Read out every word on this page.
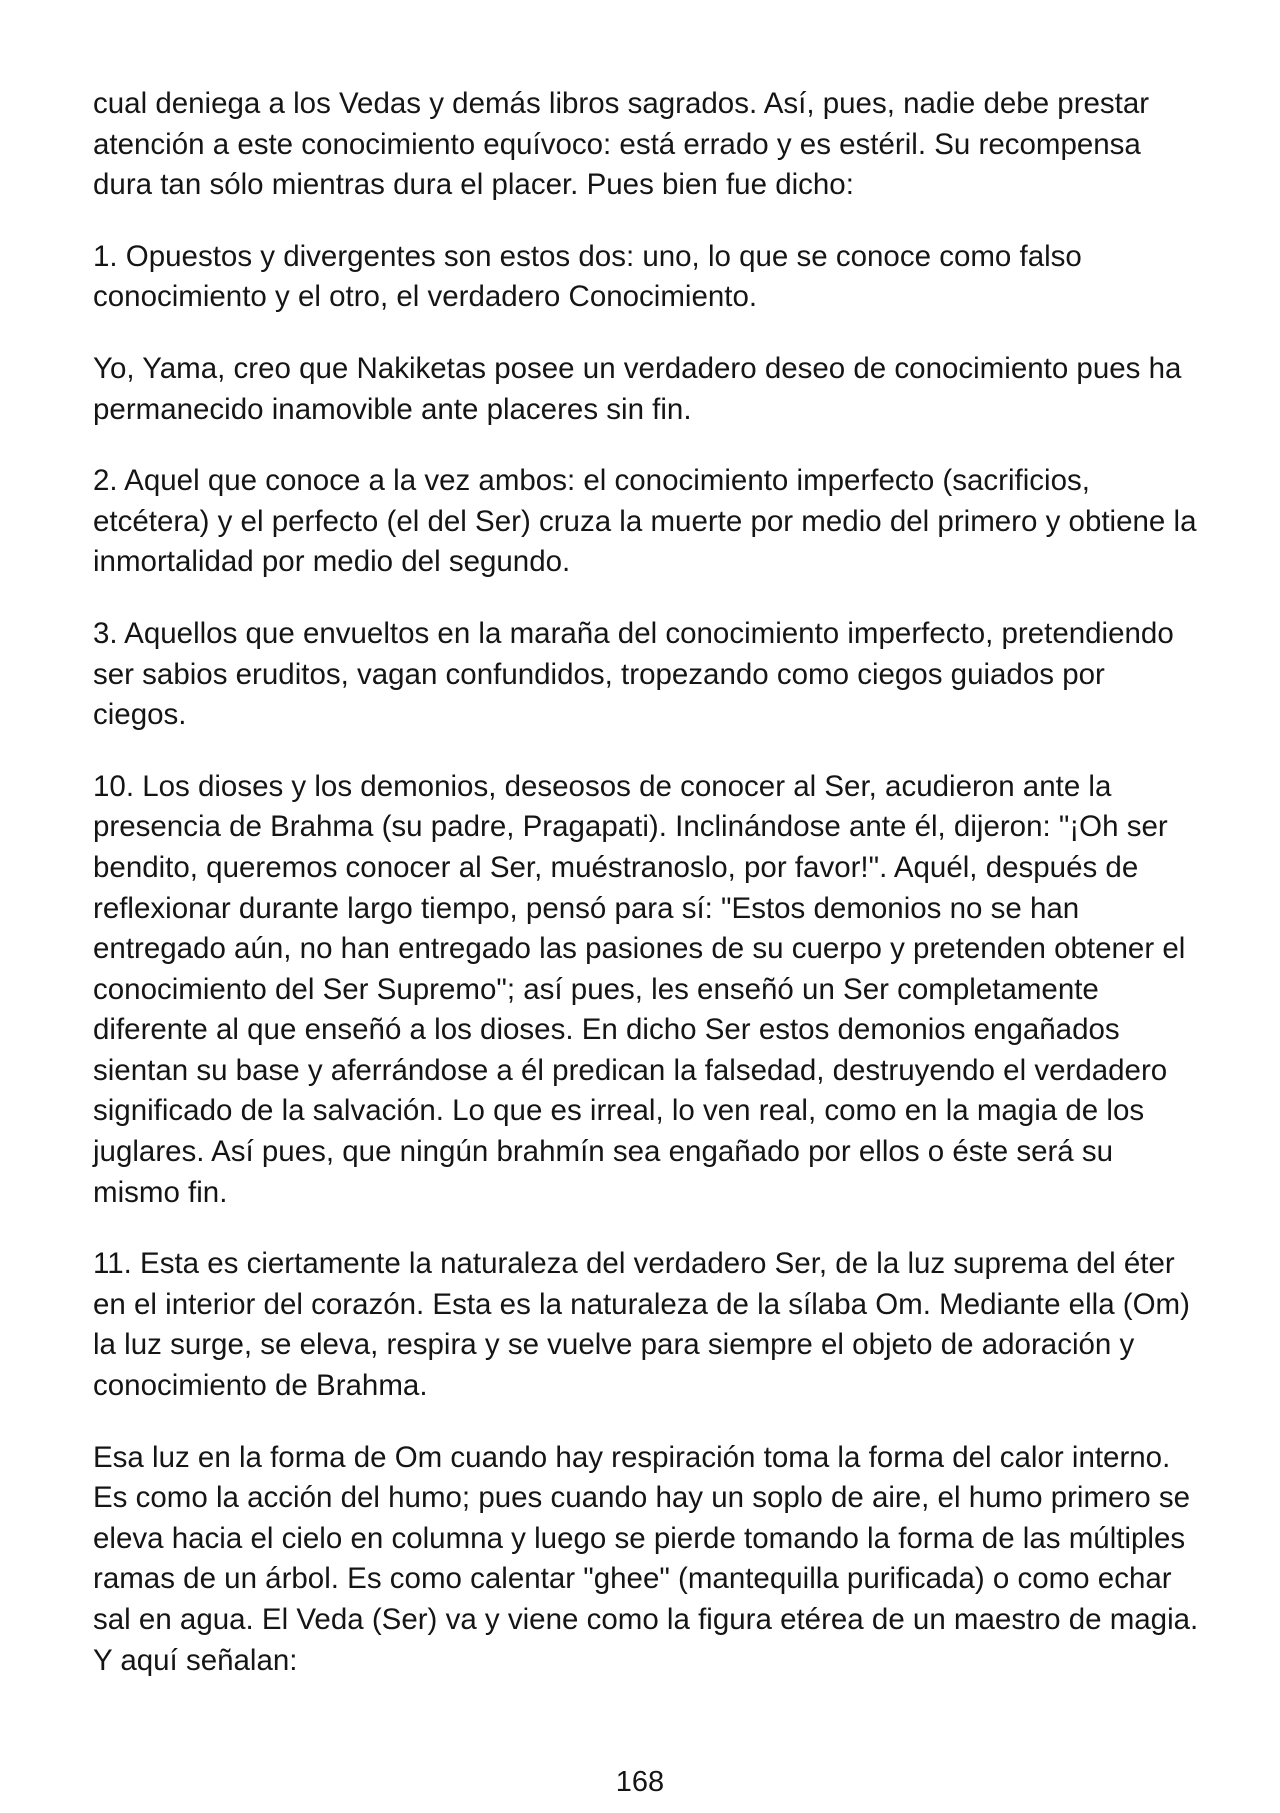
cual deniega a los Vedas y demás libros sagrados. Así, pues, nadie debe prestar atención a este conocimiento equívoco: está errado y es estéril. Su recompensa dura tan sólo mientras dura el placer. Pues bien fue dicho:

1. Opuestos y divergentes son estos dos: uno, lo que se conoce como falso conocimiento y el otro, el verdadero Conocimiento.

Yo, Yama, creo que Nakiketas posee un verdadero deseo de conocimiento pues ha permanecido inamovible ante placeres sin fin.

2. Aquel que conoce a la vez ambos: el conocimiento imperfecto (sacrificios, etcétera) y el perfecto (el del Ser) cruza la muerte por medio del primero y obtiene la inmortalidad por medio del segundo.

3. Aquellos que envueltos en la maraña del conocimiento imperfecto, pretendiendo ser sabios eruditos, vagan confundidos, tropezando como ciegos guiados por ciegos.

10. Los dioses y los demonios, deseosos de conocer al Ser, acudieron ante la presencia de Brahma (su padre, Pragapati). Inclinándose ante él, dijeron: "¡Oh ser bendito, queremos conocer al Ser, muéstranoslo, por favor!". Aquél, después de reflexionar durante largo tiempo, pensó para sí: "Estos demonios no se han entregado aún, no han entregado las pasiones de su cuerpo y pretenden obtener el conocimiento del Ser Supremo"; así pues, les enseñó un Ser completamente diferente al que enseñó a los dioses. En dicho Ser estos demonios engañados sientan su base y aferrándose a él predican la falsedad, destruyendo el verdadero significado de la salvación. Lo que es irreal, lo ven real, como en la magia de los juglares. Así pues, que ningún brahmín sea engañado por ellos o éste será su mismo fin.

11. Esta es ciertamente la naturaleza del verdadero Ser, de la luz suprema del éter en el interior del corazón. Esta es la naturaleza de la sílaba Om. Mediante ella (Om) la luz surge, se eleva, respira y se vuelve para siempre el objeto de adoración y conocimiento de Brahma.

Esa luz en la forma de Om cuando hay respiración toma la forma del calor interno. Es como la acción del humo; pues cuando hay un soplo de aire, el humo primero se eleva hacia el cielo en columna y luego se pierde tomando la forma de las múltiples ramas de un árbol. Es como calentar "ghee" (mantequilla purificada) o como echar sal en agua. El Veda (Ser) va y viene como la figura etérea de un maestro de magia. Y aquí señalan:

168
